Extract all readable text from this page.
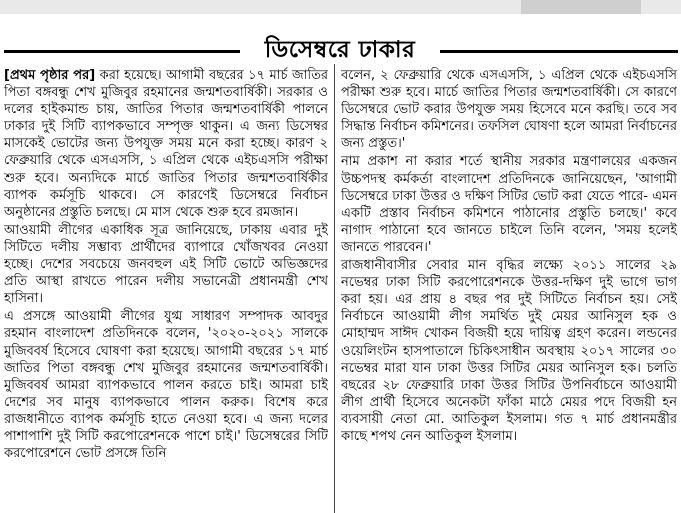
ডিসেম্বরে ঢাকার

[প্রথম পৃষ্ঠার পর] করা হয়েছে। আগামী বছরের ১৭ মার্চ জাতির পিতা বঙ্গবন্ধু শেখ মুজিবুর রহমানের জন্মশতবার্ষিকী। সরকার ও দলের হাইকমান্ড চায়, জাতির পিতার জন্মশতবার্ষিকী পালনে ঢাকার দুই সিটি ব্যাপকভাবে সম্পৃক্ত থাকুন। এ জন্য ডিসেম্বর মাসকেই ভোটের জন্য উপযুক্ত সময় মনে করা হচ্ছে। কারণ ২ ফেব্রুয়ারি থেকে এসএসসি, ১ এপ্রিল থেকে এইচএসসি পরীক্ষা শুরু হবে। অন্যদিকে মার্চে জাতির পিতার জন্মশতবার্ষিকীর ব্যাপক কর্মসূচি থাকবে। সে কারণেই ডিসেম্বরে নির্বাচন অনুষ্ঠানের প্রস্তুতি চলছে। মে মাস থেকে শুরু হবে রমজান।

আওয়ামী লীগের একাধিক সূত্র জানিয়েছে, ঢাকায় এবার দুই সিটিতে দলীয় সম্ভাব্য প্রার্থীদের ব্যাপারে খোঁজখবর নেওয়া হচ্ছে। দেশের সবচেয়ে জনবহুল এই সিটি ভোটে অভিজ্ঞদের প্রতি আস্থা রাখতে পারেন দলীয় সভানেত্রী প্রধানমন্ত্রী শেখ হাসিনা।

এ প্রসঙ্গে আওয়ামী লীগের যুগ্ম সাধারণ সম্পাদক আবদুর রহমান বাংলাদেশ প্রতিদিনকে বলেন, '২০২০-২০২১ সালকে মুজিববর্ষ হিসেবে ঘোষণা করা হয়েছে। আগামী বছরের ১৭ মার্চ জাতির পিতা বঙ্গবন্ধু শেখ মুজিবুর রহমানের জন্মশতবার্ষিকী। মুজিববর্ষ আমরা ব্যাপকভাবে পালন করতে চাই। আমরা চাই দেশের সব মানুষ ব্যাপকভাবে পালন করুক। বিশেষ করে রাজধানীতে ব্যাপক কর্মসূচি হাতে নেওয়া হবে। এ জন্য দলের পাশাপাশি দুই সিটি করপোরেশনকে পাশে চাই।' ডিসেম্বরের সিটি করপোরেশনে ভোট প্রসঙ্গে তিনি

বলেন, ২ ফেব্রুয়ারি থেকে এসএসসি, ১ এপ্রিল থেকে এইচএসসি পরীক্ষা শুরু হবে। মার্চে জাতির পিতার জন্মশতবার্ষিকী। সে কারণে ডিসেম্বরে ভোট করার উপযুক্ত সময় হিসেবে মনে করছি। তবে সব সিদ্ধান্ত নির্বাচন কমিশনের। তফসিল ঘোষণা হলে আমরা নির্বাচনের জন্য প্রস্তুত।'

নাম প্রকাশ না করার শর্তে স্থানীয় সরকার মন্ত্রণালয়ের একজন উচ্চপদস্থ কর্মকর্তা বাংলাদেশ প্রতিদিনকে জানিয়েছেন, 'আগামী ডিসেম্বরে ঢাকা উত্তর ও দক্ষিণ সিটির ভোট করা যেতে পারে- এমন একটি প্রস্তাব নির্বাচন কমিশনে পাঠানোর প্রস্তুতি চলছে।' কবে নাগাদ পাঠানো হবে জানতে চাইলে তিনি বলেন, 'সময় হলেই জানতে পারবেন।'

রাজধানীবাসীর সেবার মান বৃদ্ধির লক্ষ্যে ২০১১ সালের ২৯ নভেম্বর ঢাকা সিটি করপোরেশনকে উত্তর-দক্ষিণ দুই ভাগে ভাগ করা হয়। এর প্রায় ৪ বছর পর দুই সিটিতে নির্বাচন হয়। সেই নির্বাচনে আওয়ামী লীগ সমর্থিত দুই মেয়র আনিসুল হক ও মোহাম্মদ সাঈদ খোকন বিজয়ী হয়ে দায়িত্ব গ্রহণ করেন। লন্ডনের ওয়েলিংটন হাসপাতালে চিকিৎসাধীন অবস্থায় ২০১৭ সালের ৩০ নভেম্বর মারা যান ঢাকা উত্তর সিটির মেয়র আনিসুল হক। চলতি বছরের ২৮ ফেব্রুয়ারি ঢাকা উত্তর সিটির উপনির্বাচনে আওয়ামী লীগ প্রার্থী হিসেবে অনেকটা ফাঁকা মাঠে মেয়র পদে বিজয়ী হন ব্যবসায়ী নেতা মো. আতিকুল ইসলাম। গত ৭ মার্চ প্রধানমন্ত্রীর কাছে শপথ নেন আতিকুল ইসলাম।
